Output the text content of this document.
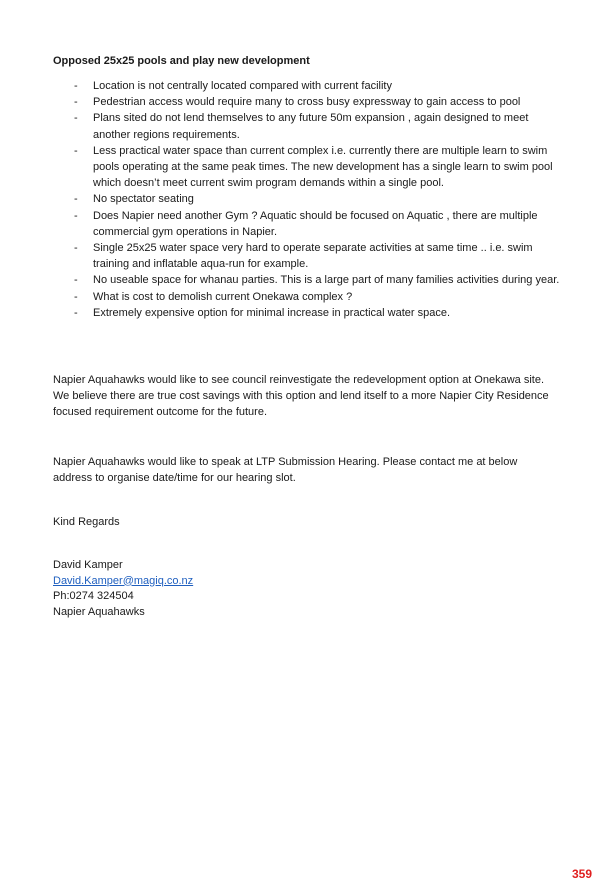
Opposed 25x25 pools and play new development

- Location is not centrally located compared with current facility
- Pedestrian access would require many to cross busy expressway to gain access to pool
- Plans sited do not lend themselves to any future 50m expansion , again designed to meet another regions requirements.
- Less practical water space than current complex i.e. currently there are multiple learn to swim pools operating at the same peak times. The new development has a single learn to swim pool which doesn’t meet current swim program demands within a single pool.
- No spectator seating
- Does Napier need another Gym ? Aquatic should be focused on Aquatic , there are multiple commercial gym operations in Napier.
- Single 25x25 water space very hard to operate separate activities at same time .. i.e. swim training and inflatable aqua-run for example.
- No useable space for whanau parties. This is a large part of many families activities during year.
- What is cost to demolish current Onekawa complex ?
- Extremely expensive option for minimal increase in practical water space.

Napier Aquahawks would like to see council reinvestigate the redevelopment option at Onekawa site. We believe there are true cost savings with this option and lend itself to a more Napier City Residence focused requirement outcome for the future.

Napier Aquahawks would like to speak at LTP Submission Hearing. Please contact me at below address to organise date/time for our hearing slot.

Kind Regards

David Kamper
David.Kamper@magiq.co.nz
Ph:0274 324504
Napier Aquahawks
359
